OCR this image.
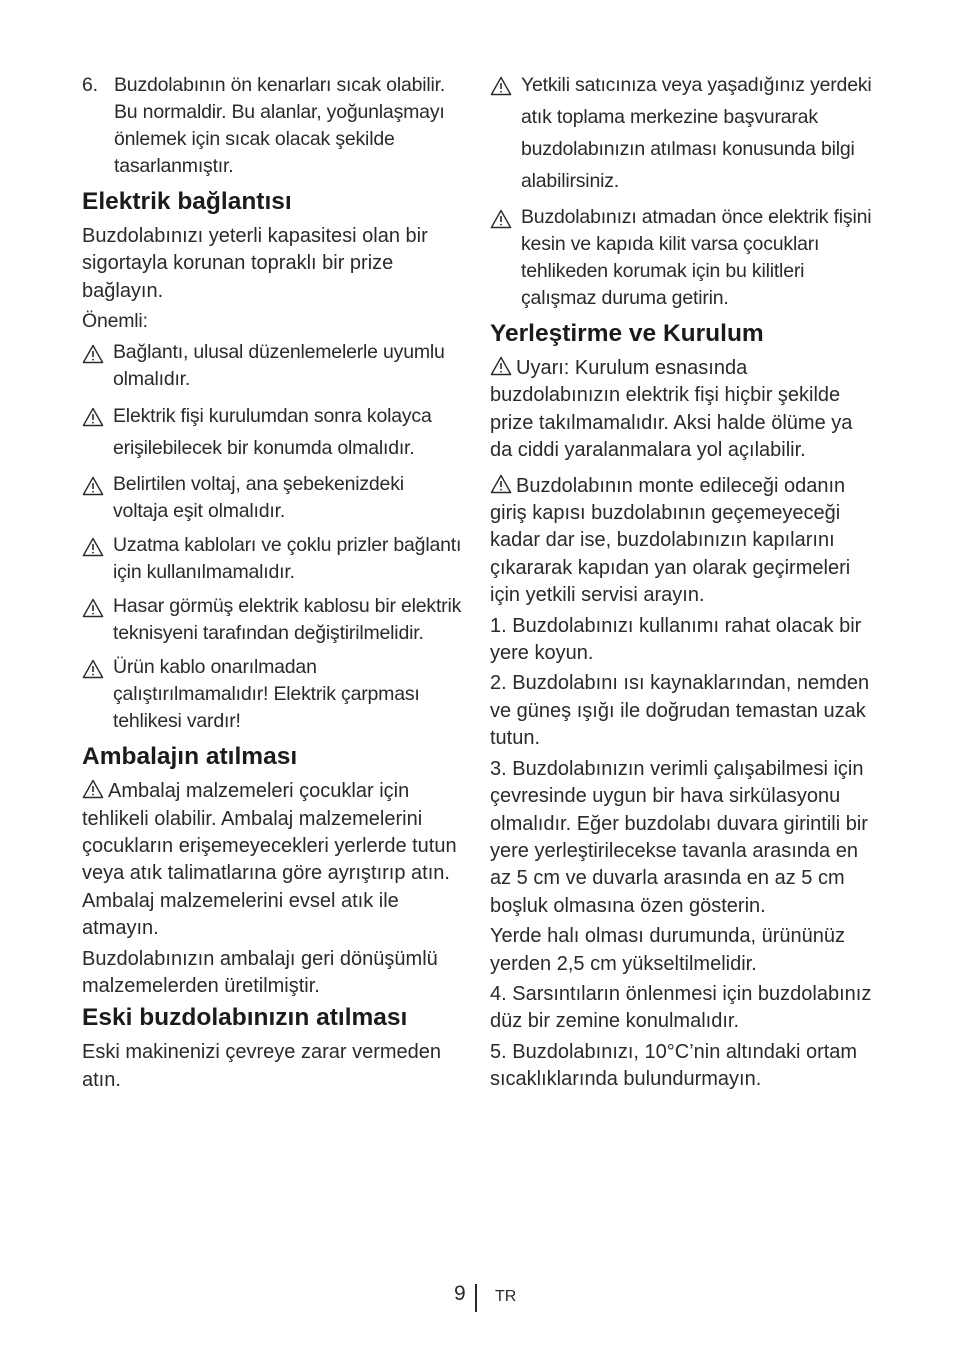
6. Buzdolabının ön kenarları sıcak olabilir. Bu normaldir. Bu alanlar, yoğunlaşmayı önlemek için sıcak olacak şekilde tasarlanmıştır.
Elektrik bağlantısı

Buzdolabınızı yeterli kapasitesi olan bir sigortayla korunan topraklı bir prize bağlayın.

Önemli:

Bağlantı, ulusal düzenlemelerle uyumlu olmalıdır.
Elektrik fişi kurulumdan sonra kolayca erişilebilecek bir konumda olmalıdır.
Belirtilen voltaj, ana şebekenizdeki voltaja eşit olmalıdır.
Uzatma kabloları ve çoklu prizler bağlantı için kullanılmamalıdır.
Hasar görmüş elektrik kablosu bir elektrik teknisyeni tarafından değiştirilmelidir.
Ürün kablo onarılmadan çalıştırılmamalıdır! Elektrik çarpması tehlikesi vardır!
Ambalajın atılması

Ambalaj malzemeleri çocuklar için tehlikeli olabilir. Ambalaj malzemelerini çocukların erişemeyecekleri yerlerde tutun veya atık talimatlarına göre ayrıştırıp atın. Ambalaj malzemelerini evsel atık ile atmayın.

Buzdolabınızın ambalajı geri dönüşümlü malzemelerden üretilmiştir.

Eski buzdolabınızın atılması

Eski makinenizi çevreye zarar vermeden atın.

Yetkili satıcınıza veya yaşadığınız yerdeki atık toplama merkezine başvurarak buzdolabınızın atılması konusunda bilgi alabilirsiniz.
Buzdolabınızı atmadan önce elektrik fişini kesin ve kapıda kilit varsa çocukları tehlikeden korumak için bu kilitleri çalışmaz duruma getirin.
Yerleştirme ve Kurulum

Uyarı: Kurulum esnasında buzdolabınızın elektrik fişi hiçbir şekilde prize takılmamalıdır. Aksi halde ölüme ya da ciddi yaralanmalara yol açılabilir.

Buzdolabının monte edileceği odanın giriş kapısı buzdolabının geçemeyeceği kadar dar ise, buzdolabınızın kapılarını çıkararak kapıdan yan olarak geçirmeleri için yetkili servisi arayın.

1. Buzdolabınızı kullanımı rahat olacak bir yere koyun.

2. Buzdolabını ısı kaynaklarından, nemden ve güneş ışığı ile doğrudan temastan uzak tutun.

3. Buzdolabınızın verimli çalışabilmesi için çevresinde uygun bir hava sirkülasyonu olmalıdır. Eğer buzdolabı duvara girintili bir yere yerleştirilecekse tavanla arasında en az 5 cm ve duvarla arasında en az 5 cm boşluk olmasına özen gösterin.

Yerde halı olması durumunda, ürününüz yerden 2,5 cm yükseltilmelidir.

4. Sarsıntıların önlenmesi için buzdolabınız düz bir zemine konulmalıdır.

5. Buzdolabınızı, 10°C’nin altındaki ortam sıcaklıklarında bulundurmayın.

9 TR
